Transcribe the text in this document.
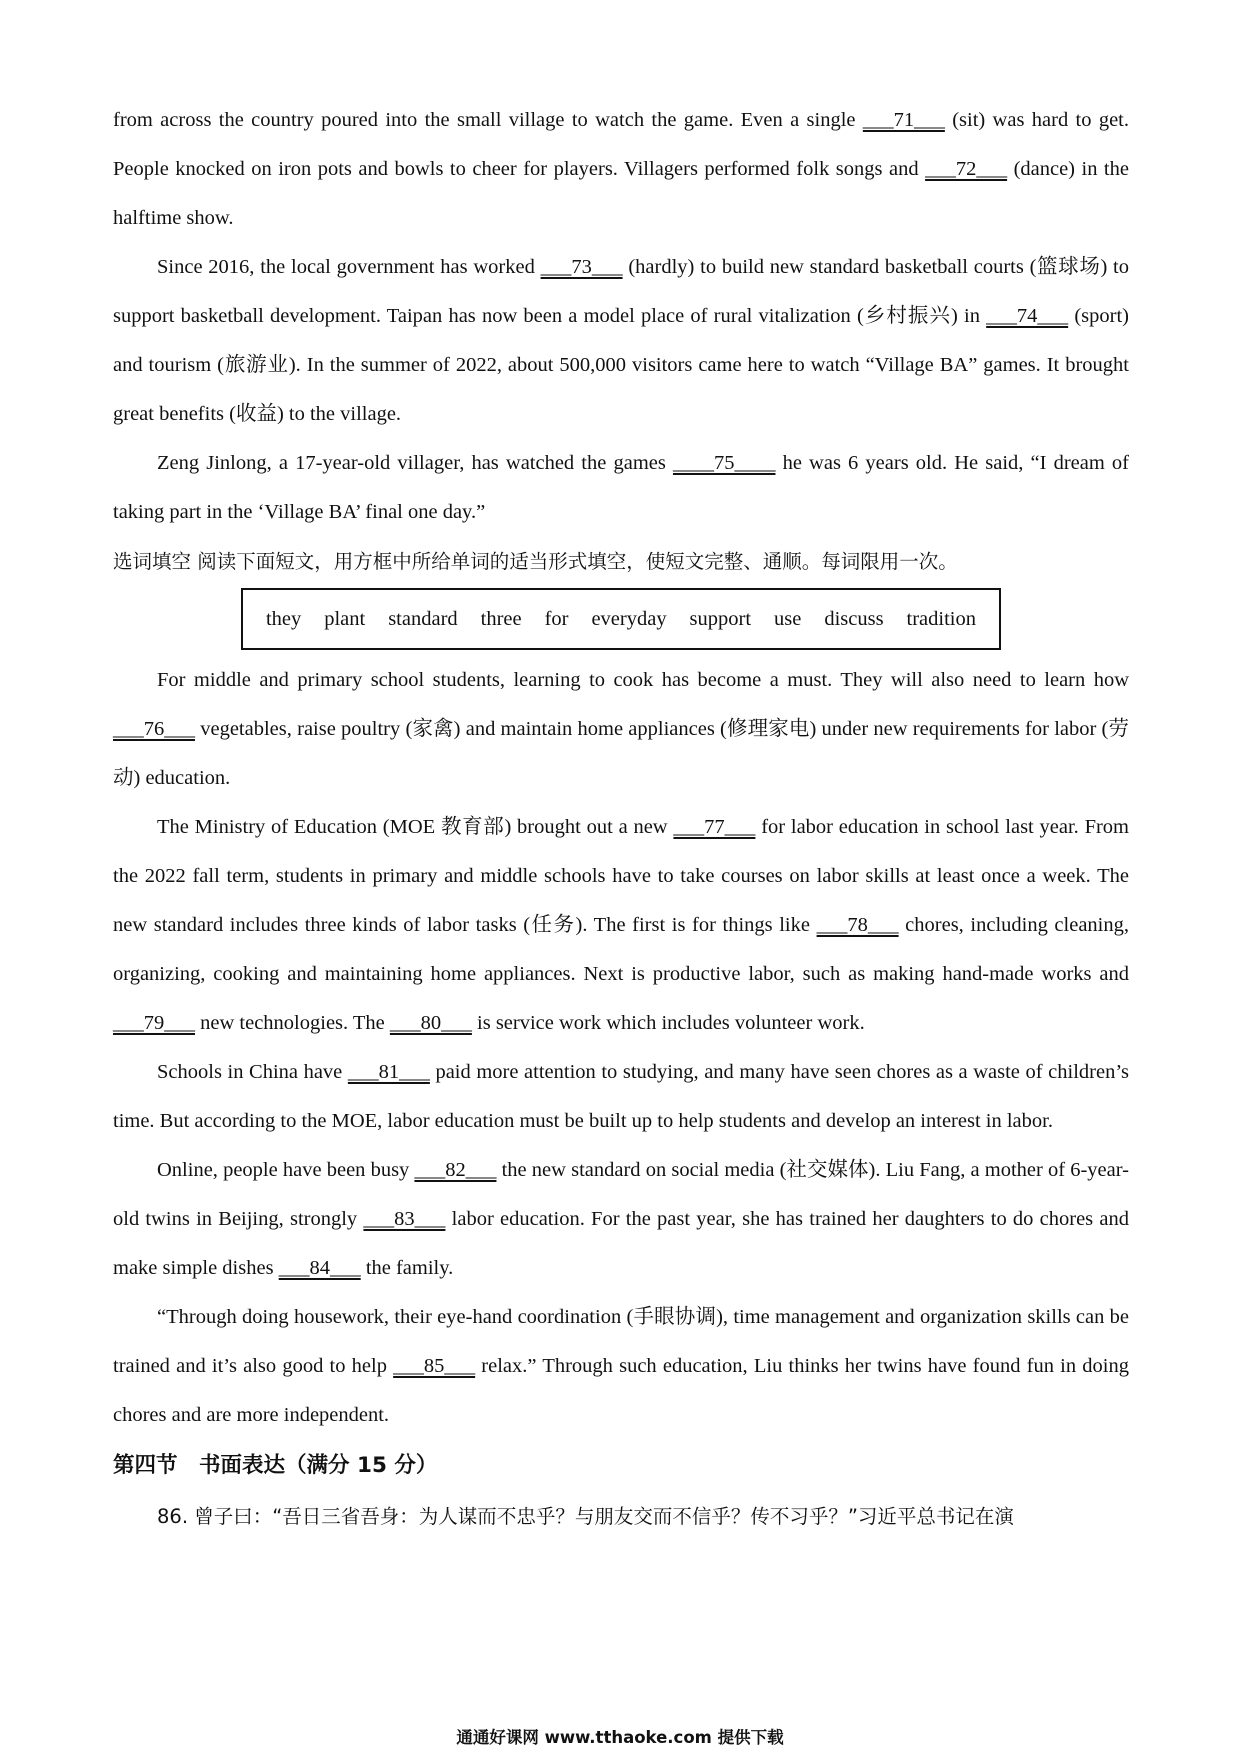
from across the country poured into the small village to watch the game. Even a single ___71___ (sit) was hard to get. People knocked on iron pots and bowls to cheer for players. Villagers performed folk songs and ___72___ (dance) in the halftime show.

Since 2016, the local government has worked ___73___ (hardly) to build new standard basketball courts (篮球场) to support basketball development. Taipan has now been a model place of rural vitalization (乡村振兴) in ___74___ (sport) and tourism (旅游业). In the summer of 2022, about 500,000 visitors came here to watch “Village BA” games. It brought great benefits (收益) to the village.

Zeng Jinlong, a 17-year-old villager, has watched the games ____75____ he was 6 years old. He said, “I dream of taking part in the ‘Village BA’ final one day.”

选词填空 阅读下面短文，用方框中所给单词的适当形式填空，使短文完整、通顺。每词限用一次。

they plant standard three for everyday support use discuss tradition

For middle and primary school students, learning to cook has become a must. They will also need to learn how ___76___ vegetables, raise poultry (家禽) and maintain home appliances (修理家电) under new requirements for labor (劳动) education.

The Ministry of Education (MOE 教育部) brought out a new ___77___ for labor education in school last year. From the 2022 fall term, students in primary and middle schools have to take courses on labor skills at least once a week. The new standard includes three kinds of labor tasks (任务). The first is for things like ___78___ chores, including cleaning, organizing, cooking and maintaining home appliances. Next is productive labor, such as making hand-made works and ___79___ new technologies. The ___80___ is service work which includes volunteer work.

Schools in China have ___81___ paid more attention to studying, and many have seen chores as a waste of children’s time. But according to the MOE, labor education must be built up to help students and develop an interest in labor.

Online, people have been busy ___82___ the new standard on social media (社交媒体). Liu Fang, a mother of 6-year-old twins in Beijing, strongly ___83___ labor education. For the past year, she has trained her daughters to do chores and make simple dishes ___84___ the family.

“Through doing housework, their eye-hand coordination (手眼协调), time management and organization skills can be trained and it’s also good to help ___85___ relax.” Through such education, Liu thinks her twins have found fun in doing chores and are more independent.

第四节　书面表达（满分 15 分）

86. 曾子曰：“吾日三省吾身：为人谋而不忠乎？与朋友交而不信乎？传不习乎？”习近平总书记在演

通通好课网 www.tthaoke.com 提供下载
